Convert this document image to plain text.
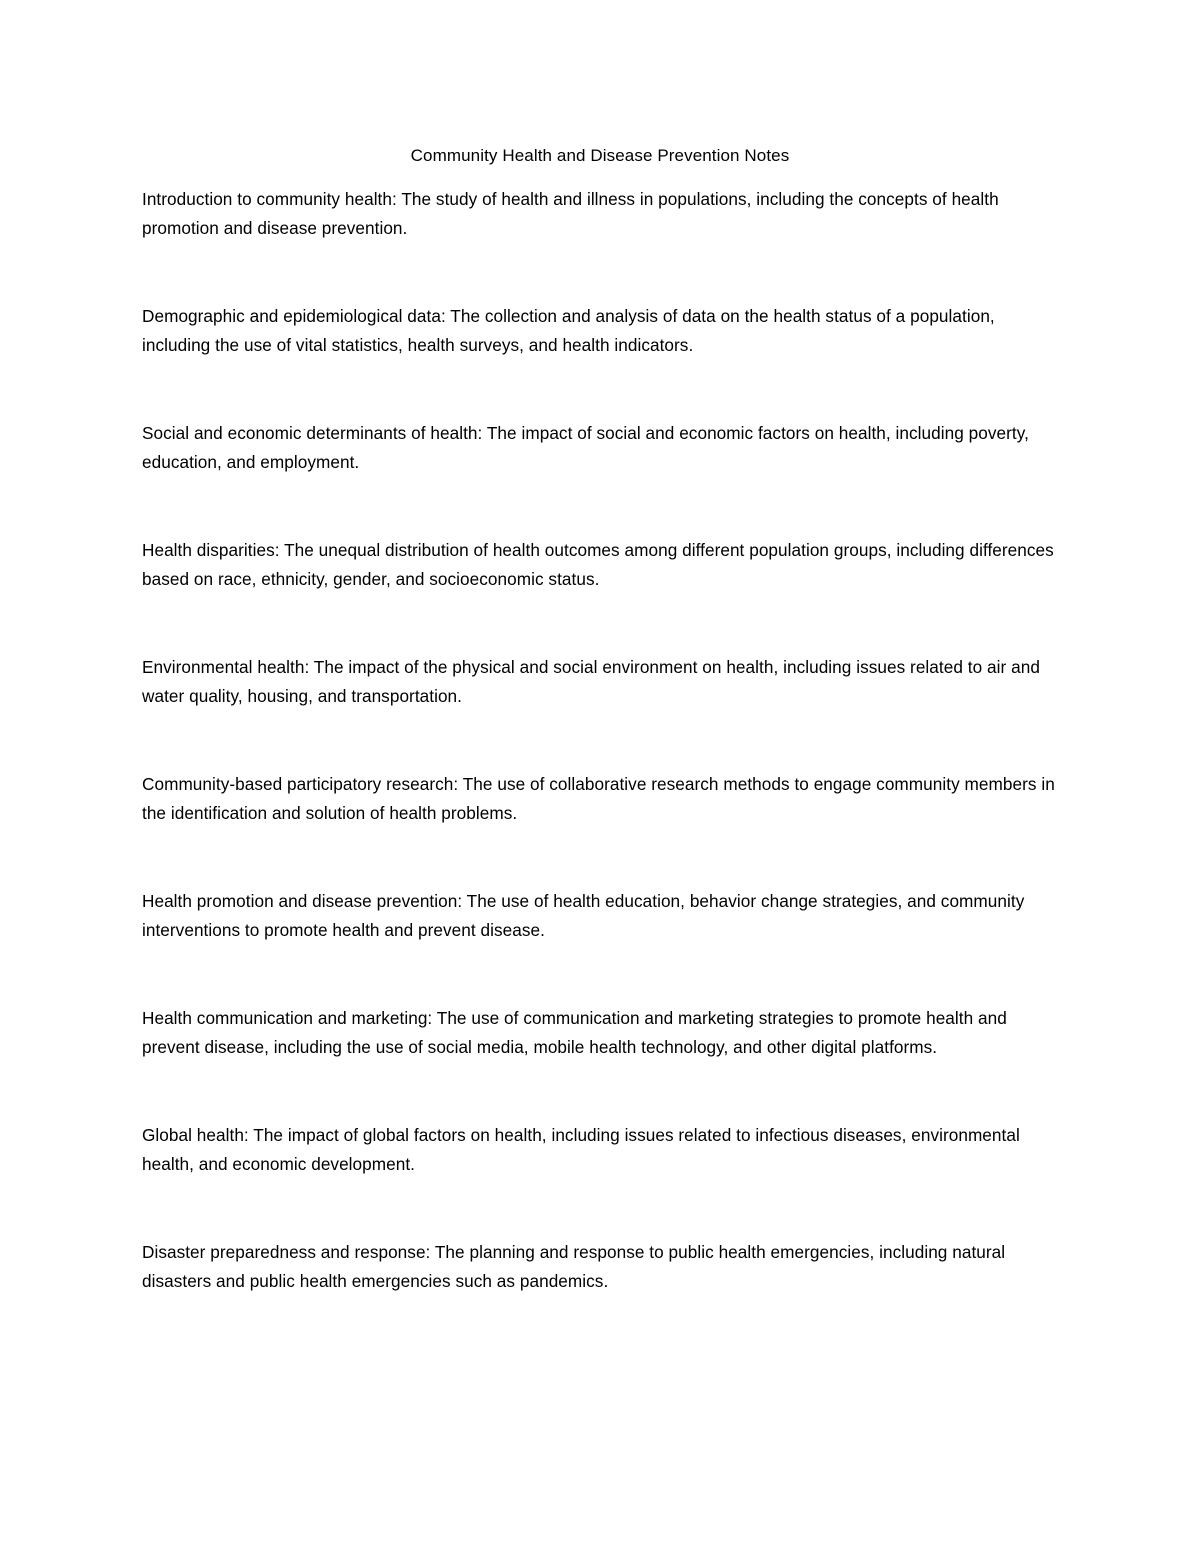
Community Health and Disease Prevention Notes

Introduction to community health: The study of health and illness in populations, including the concepts of health promotion and disease prevention.

Demographic and epidemiological data: The collection and analysis of data on the health status of a population, including the use of vital statistics, health surveys, and health indicators.

Social and economic determinants of health: The impact of social and economic factors on health, including poverty, education, and employment.

Health disparities: The unequal distribution of health outcomes among different population groups, including differences based on race, ethnicity, gender, and socioeconomic status.

Environmental health: The impact of the physical and social environment on health, including issues related to air and water quality, housing, and transportation.

Community-based participatory research: The use of collaborative research methods to engage community members in the identification and solution of health problems.

Health promotion and disease prevention: The use of health education, behavior change strategies, and community interventions to promote health and prevent disease.

Health communication and marketing: The use of communication and marketing strategies to promote health and prevent disease, including the use of social media, mobile health technology, and other digital platforms.

Global health: The impact of global factors on health, including issues related to infectious diseases, environmental health, and economic development.

Disaster preparedness and response: The planning and response to public health emergencies, including natural disasters and public health emergencies such as pandemics.
